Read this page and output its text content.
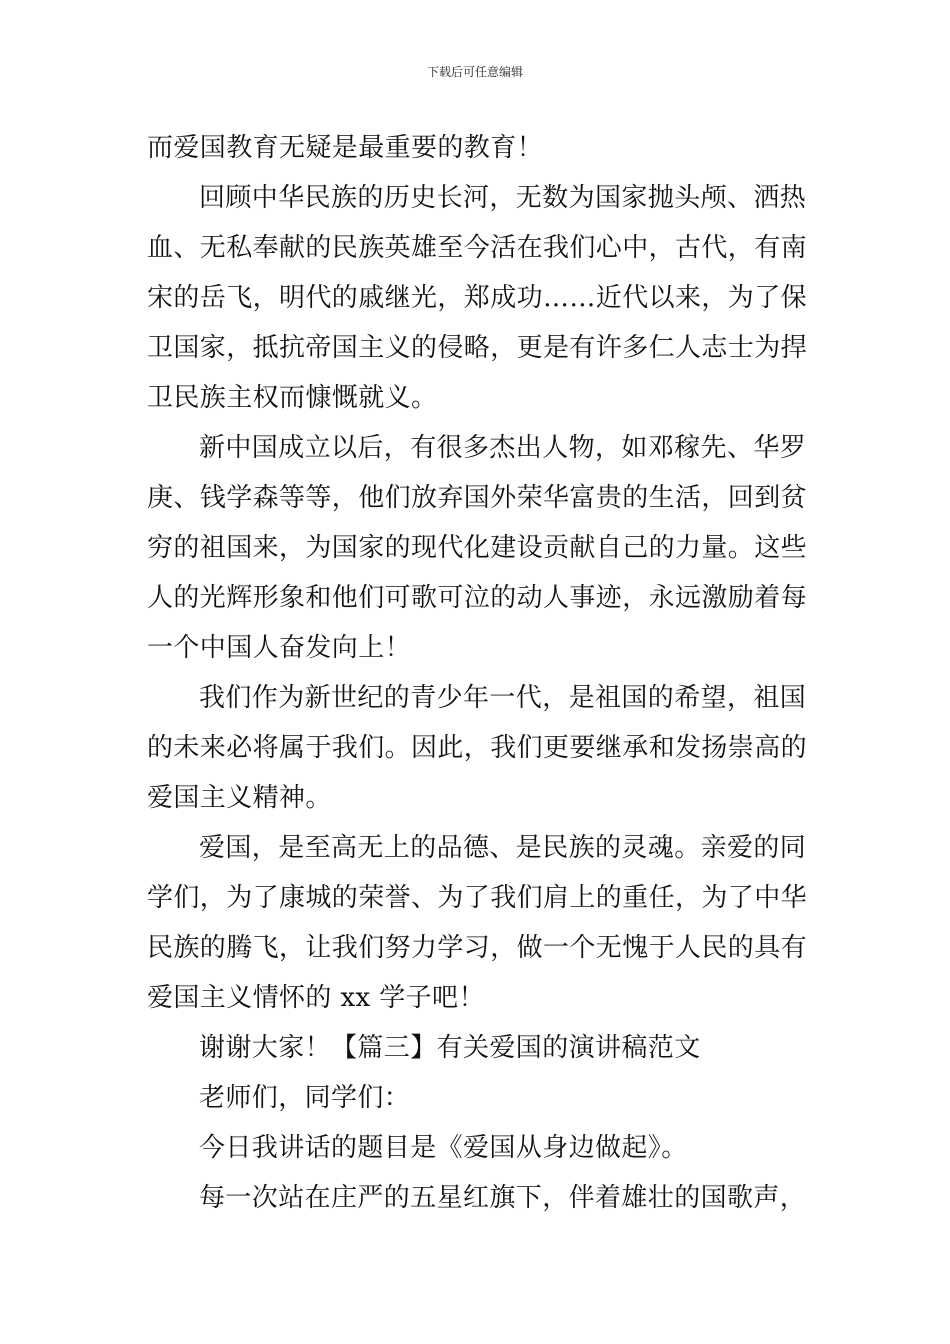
下载后可任意编辑
而爱国教育无疑是最重要的教育！
回顾中华民族的历史长河，无数为国家抛头颅、洒热
血、无私奉献的民族英雄至今活在我们心中，古代，有南
宋的岳飞，明代的戚继光，郑成功……近代以来，为了保
卫国家，抵抗帝国主义的侵略，更是有许多仁人志士为捍
卫民族主权而慷慨就义。
新中国成立以后，有很多杰出人物，如邓稼先、华罗
庚、钱学森等等，他们放弃国外荣华富贵的生活，回到贫
穷的祖国来，为国家的现代化建设贡献自己的力量。这些
人的光辉形象和他们可歌可泣的动人事迹，永远激励着每
一个中国人奋发向上！
我们作为新世纪的青少年一代，是祖国的希望，祖国
的未来必将属于我们。因此，我们更要继承和发扬崇高的
爱国主义精神。
爱国，是至高无上的品德、是民族的灵魂。亲爱的同
学们，为了康城的荣誉、为了我们肩上的重任，为了中华
民族的腾飞，让我们努力学习，做一个无愧于人民的具有
爱国主义情怀的 xx 学子吧！
谢谢大家！【篇三】有关爱国的演讲稿范文
老师们，同学们：
今日我讲话的题目是《爱国从身边做起》。
每一次站在庄严的五星红旗下，伴着雄壮的国歌声，
